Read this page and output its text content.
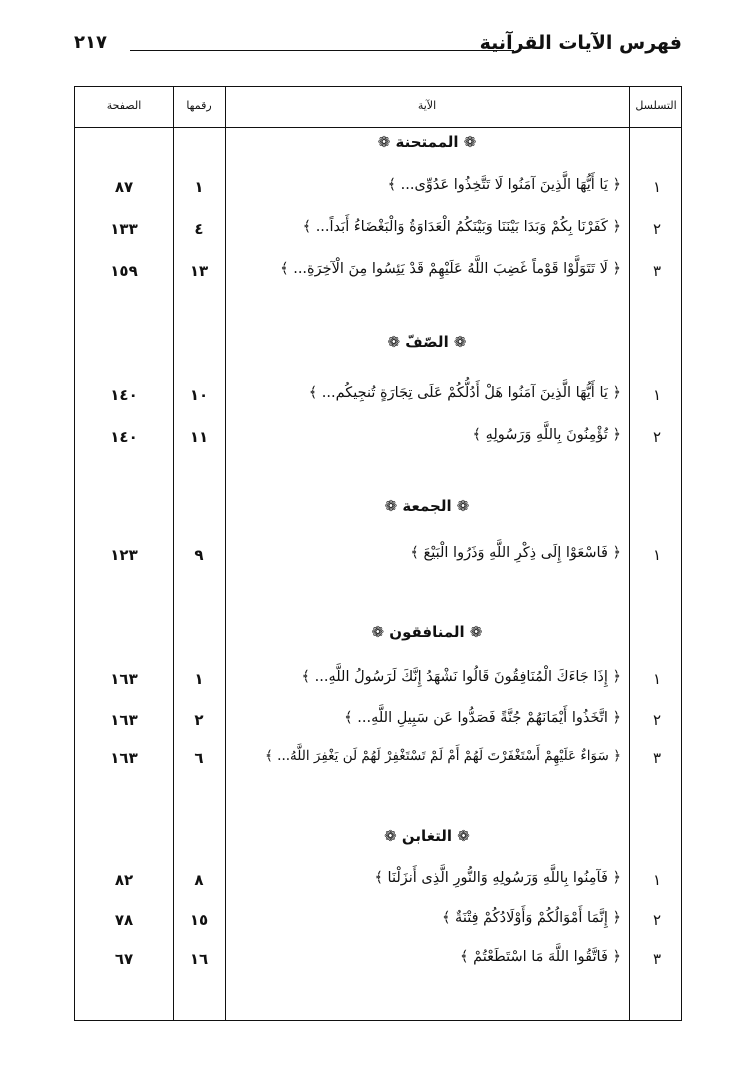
فهرس الآيات القرآنية
٢١٧
التسلسل
الآية
رقمها
الصفحة
❁ الممتحنة ❁
١
﴿ يَا أَيُّهَا الَّذِينَ آمَنُوا لَا تَتَّخِذُوا عَدُوِّى... ﴾
١
٨٧
٢
﴿ كَفَرْنَا بِكُمْ وَبَدَا بَيْنَنَا وَبَيْنَكُمُ الْعَدَاوَةُ وَالْبَغْضَاءُ أَبَداً... ﴾
٤
١٣٣
٣
﴿ لَا تَتَوَلَّوْا قَوْماً غَضِبَ اللَّهُ عَلَيْهِمْ قَدْ يَئِسُوا مِنَ الْآخِرَةِ... ﴾
١٣
١٥٩
❁ الصّفّ ❁
١
﴿ يَا أَيُّهَا الَّذِينَ آمَنُوا هَلْ أَدُلُّكُمْ عَلَى تِجَارَةٍ تُنجِيكُم... ﴾
١٠
١٤٠
٢
﴿ تُؤْمِنُونَ بِاللَّهِ وَرَسُولِهِ ﴾
١١
١٤٠
❁ الجمعة ❁
١
﴿ فَاسْعَوْا إِلَى ذِكْرِ اللَّهِ وَذَرُوا الْبَيْعَ ﴾
٩
١٢٣
❁ المنافقون ❁
١
﴿ إِذَا جَاءَكَ الْمُنَافِقُونَ قَالُوا نَشْهَدُ إِنَّكَ لَرَسُولُ اللَّهِ... ﴾
١
١٦٣
٢
﴿ اتَّخَذُوا أَيْمَانَهُمْ جُنَّةً فَصَدُّوا عَن سَبِيلِ اللَّهِ... ﴾
٢
١٦٣
٣
﴿ سَوَاءٌ عَلَيْهِمْ أَسْتَغْفَرْتَ لَهُمْ أَمْ لَمْ تَسْتَغْفِرْ لَهُمْ لَن يَغْفِرَ اللَّهُ... ﴾
٦
١٦٣
❁ التغابن ❁
١
﴿ فَآمِنُوا بِاللَّهِ وَرَسُولِهِ وَالنُّورِ الَّذِى أَنزَلْنَا ﴾
٨
٨٢
٢
﴿ إِنَّمَا أَمْوَالُكُمْ وَأَوْلَادُكُمْ فِتْنَةٌ ﴾
١٥
٧٨
٣
﴿ فَاتَّقُوا اللَّهَ مَا اسْتَطَعْتُمْ ﴾
١٦
٦٧
